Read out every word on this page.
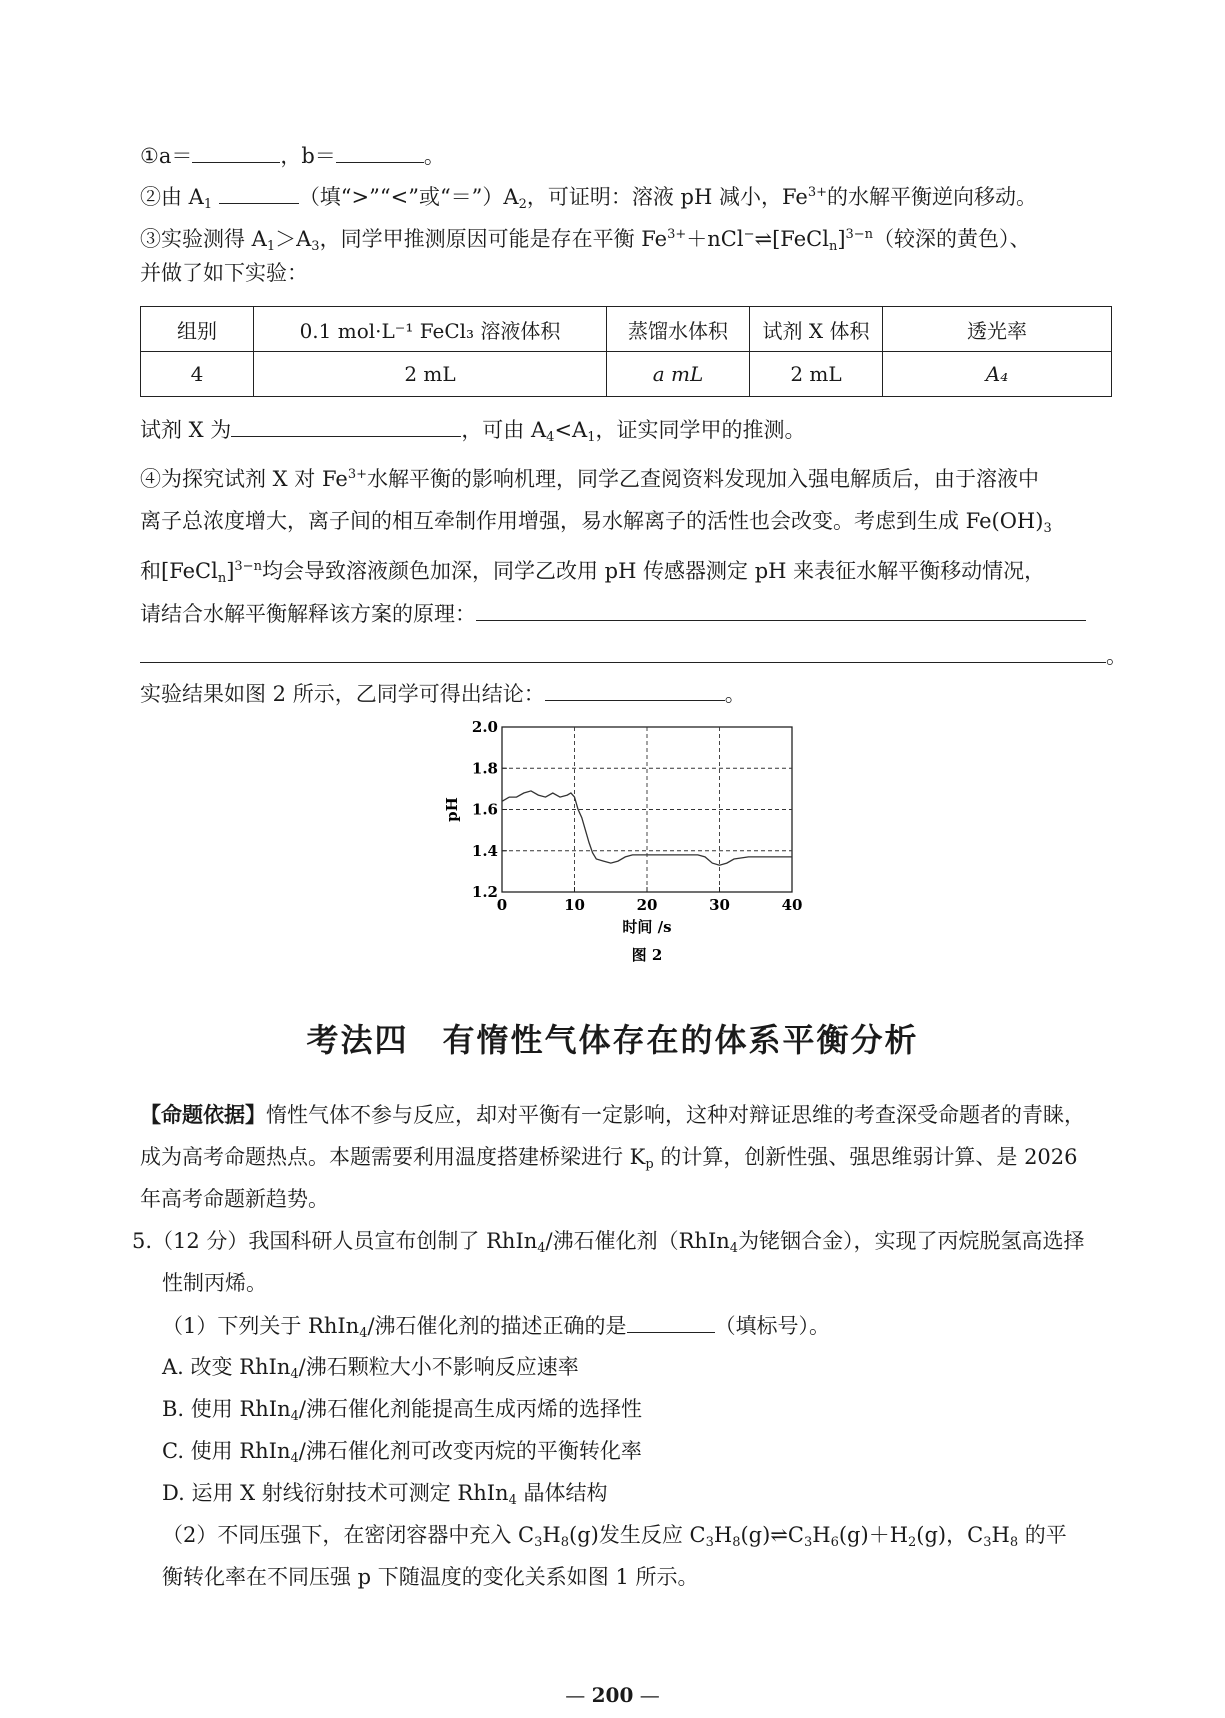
①a＝	，b＝	。
②由 $A_1$	（填“>”“<”或“$=”)A_2$，可证明：溶液 pH 减小，$Fe^{3+}$的水解平衡逆向移动。
③实验测得 $A_1>A_3$，同学甲推测原因可能是存在平衡 $Fe^{3+}+nCl^-\rightleftharpoons[FeCl_n]^{3-n}$（较深的黄色）、
并做了如下实验：
组别	0.1 mol·L⁻¹ FeCl₃ 溶液体积	蒸馏水体积	试剂 X 体积	透光率
4	2 mL	a mL	2 mL	A₄
试剂 X 为	，可由 $A_4<A_1$，证实同学甲的推测。
④为探究试剂 X 对 $Fe^{3+}$水解平衡的影响机理，同学乙查阅资料发现加入强电解质后，由于溶液中
离子总浓度增大，离子间的相互牵制作用增强，易水解离子的活性也会改变。考虑到生成 $Fe(OH)_3$
和[FeCl$_n$]$^{3-n}$均会导致溶液颜色加深，同学乙改用 pH 传感器测定 pH 来表征水解平衡移动情况，
请结合水解平衡解释该方案的原理：
。
实验结果如图 2 所示，乙同学可得出结论：	。
0	10	20	30	40
1.2
1.4
1.6
1.8
2.0
时间 /s
pH
图 2
考法四　有惰性气体存在的体系平衡分析
【命题依据】惰性气体不参与反应，却对平衡有一定影响，这种对辩证思维的考查深受命题者的青睐，
成为高考命题热点。本题需要利用温度搭建桥梁进行 $K_p$ 的计算，创新性强、强思维弱计算、是 2026
年高考命题新趋势。
5.（12 分）我国科研人员宣布创制了 RhIn$_4$/沸石催化剂（RhIn$_4$为铑铟合金），实现了丙烷脱氢高选择
性制丙烯。
（1）下列关于 RhIn$_4$/沸石催化剂的描述正确的是	（填标号）。
A. 改变 RhIn$_4$/沸石颗粒大小不影响反应速率
B. 使用 RhIn$_4$/沸石催化剂能提高生成丙烯的选择性
C. 使用 RhIn$_4$/沸石催化剂可改变丙烷的平衡转化率
D. 运用 X 射线衍射技术可测定 RhIn$_4$ 晶体结构
（2）不同压强下，在密闭容器中充入 $C_3H_8(g)$发生反应 $C_3H_8(g)\rightleftharpoons C_3H_6(g)+H_2(g)$，$C_3H_8$ 的平
衡转化率在不同压强 p 下随温度的变化关系如图 1 所示。
— 200 —
